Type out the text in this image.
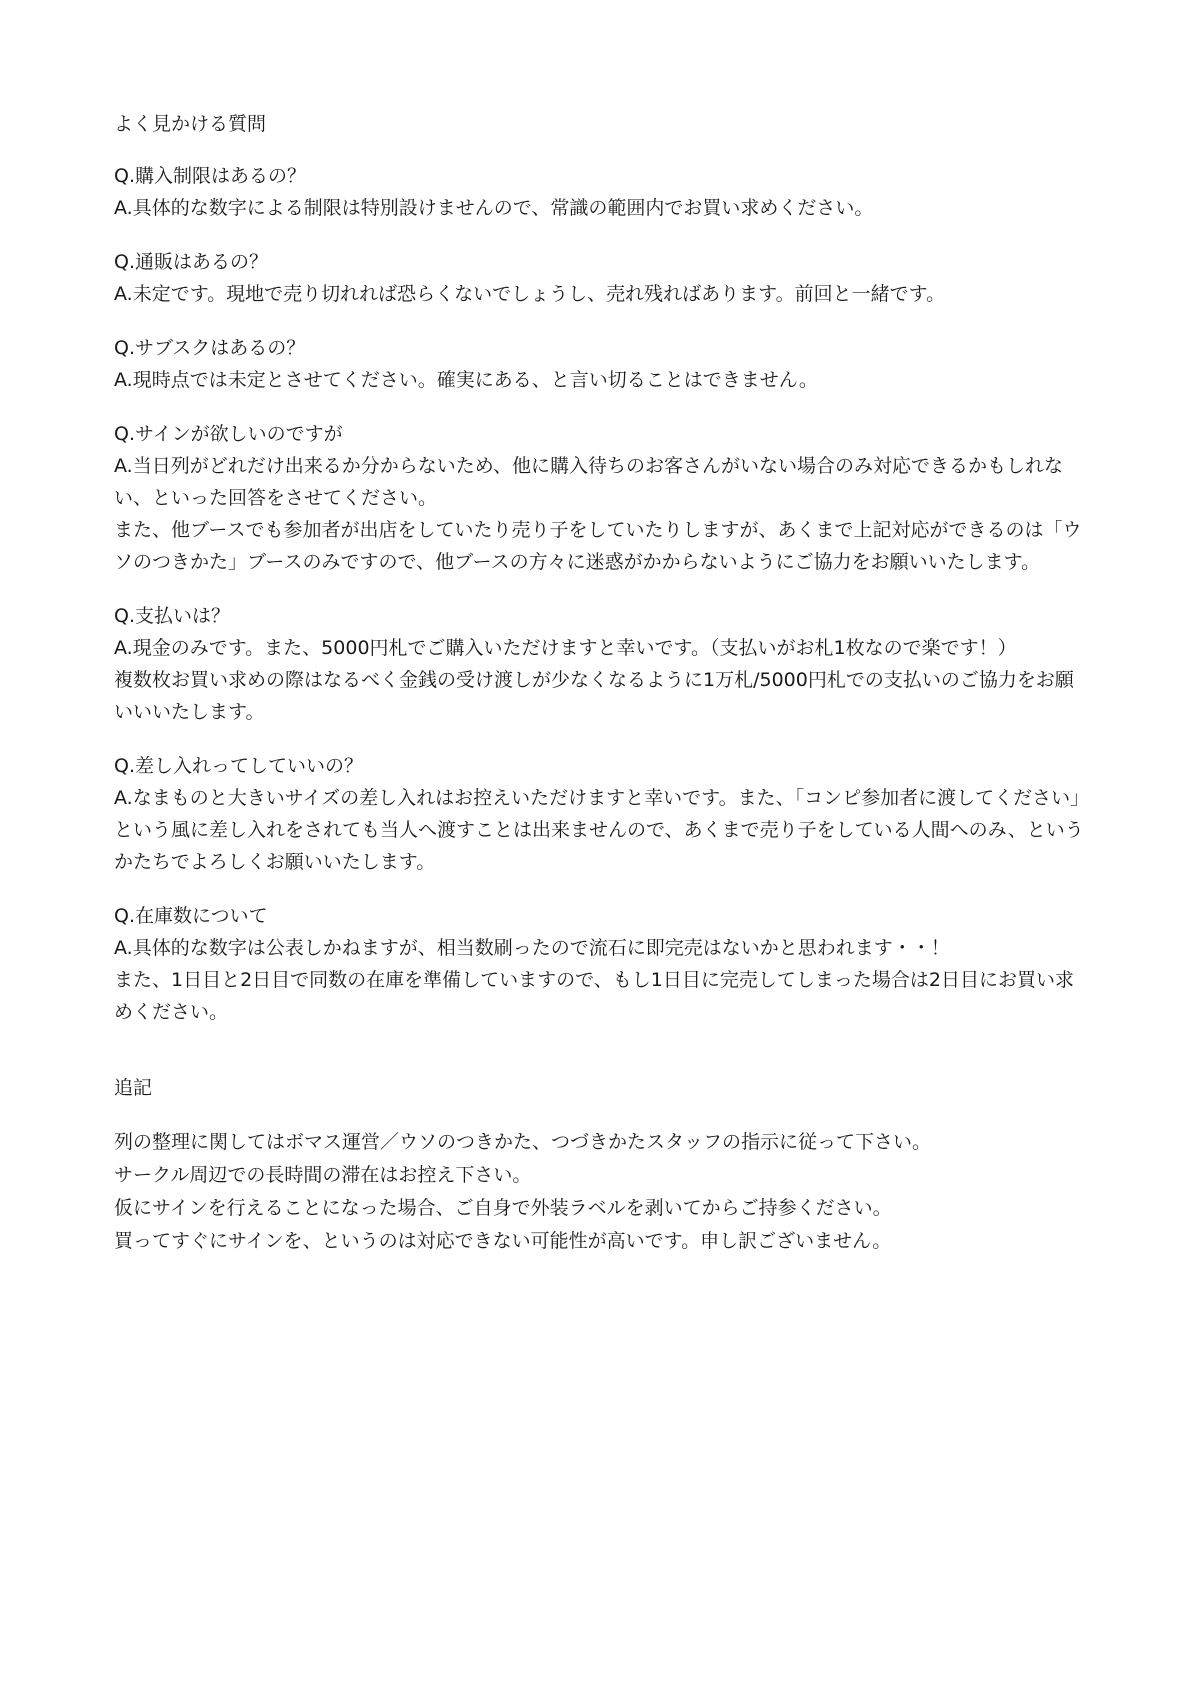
よく見かける質問

Q.購入制限はあるの？

A.具体的な数字による制限は特別設けませんので、常識の範囲内でお買い求めください。

Q.通販はあるの？

A.未定です。現地で売り切れれば恐らくないでしょうし、売れ残ればあります。前回と一緒です。

Q.サブスクはあるの？

A.現時点では未定とさせてください。確実にある、と言い切ることはできません。

Q.サインが欲しいのですが

A.当日列がどれだけ出来るか分からないため、他に購入待ちのお客さんがいない場合のみ対応できるかもしれない、といった回答をさせてください。
また、他ブースでも参加者が出店をしていたり売り子をしていたりしますが、あくまで上記対応ができるのは「ウソのつきかた」ブースのみですので、他ブースの方々に迷惑がかからないようにご協力をお願いいたします。

Q.支払いは？

A.現金のみです。また、5000円札でご購入いただけますと幸いです。（支払いがお札1枚なので楽です！）
複数枚お買い求めの際はなるべく金銭の受け渡しが少なくなるように1万札/5000円札での支払いのご協力をお願いいいたします。

Q.差し入れってしていいの？

A.なまものと大きいサイズの差し入れはお控えいただけますと幸いです。また、「コンピ参加者に渡してください」という風に差し入れをされても当人へ渡すことは出来ませんので、あくまで売り子をしている人間へのみ、というかたちでよろしくお願いいたします。

Q.在庫数について

A.具体的な数字は公表しかねますが、相当数刷ったので流石に即完売はないかと思われます・・！
また、1日目と2日目で同数の在庫を準備していますので、もし1日目に完売してしまった場合は2日目にお買い求めください。

追記

列の整理に関してはボマス運営／ウソのつきかた、つづきかたスタッフの指示に従って下さい。

サークル周辺での長時間の滞在はお控え下さい。

仮にサインを行えることになった場合、ご自身で外装ラベルを剥いてからご持参ください。

買ってすぐにサインを、というのは対応できない可能性が高いです。申し訳ございません。
